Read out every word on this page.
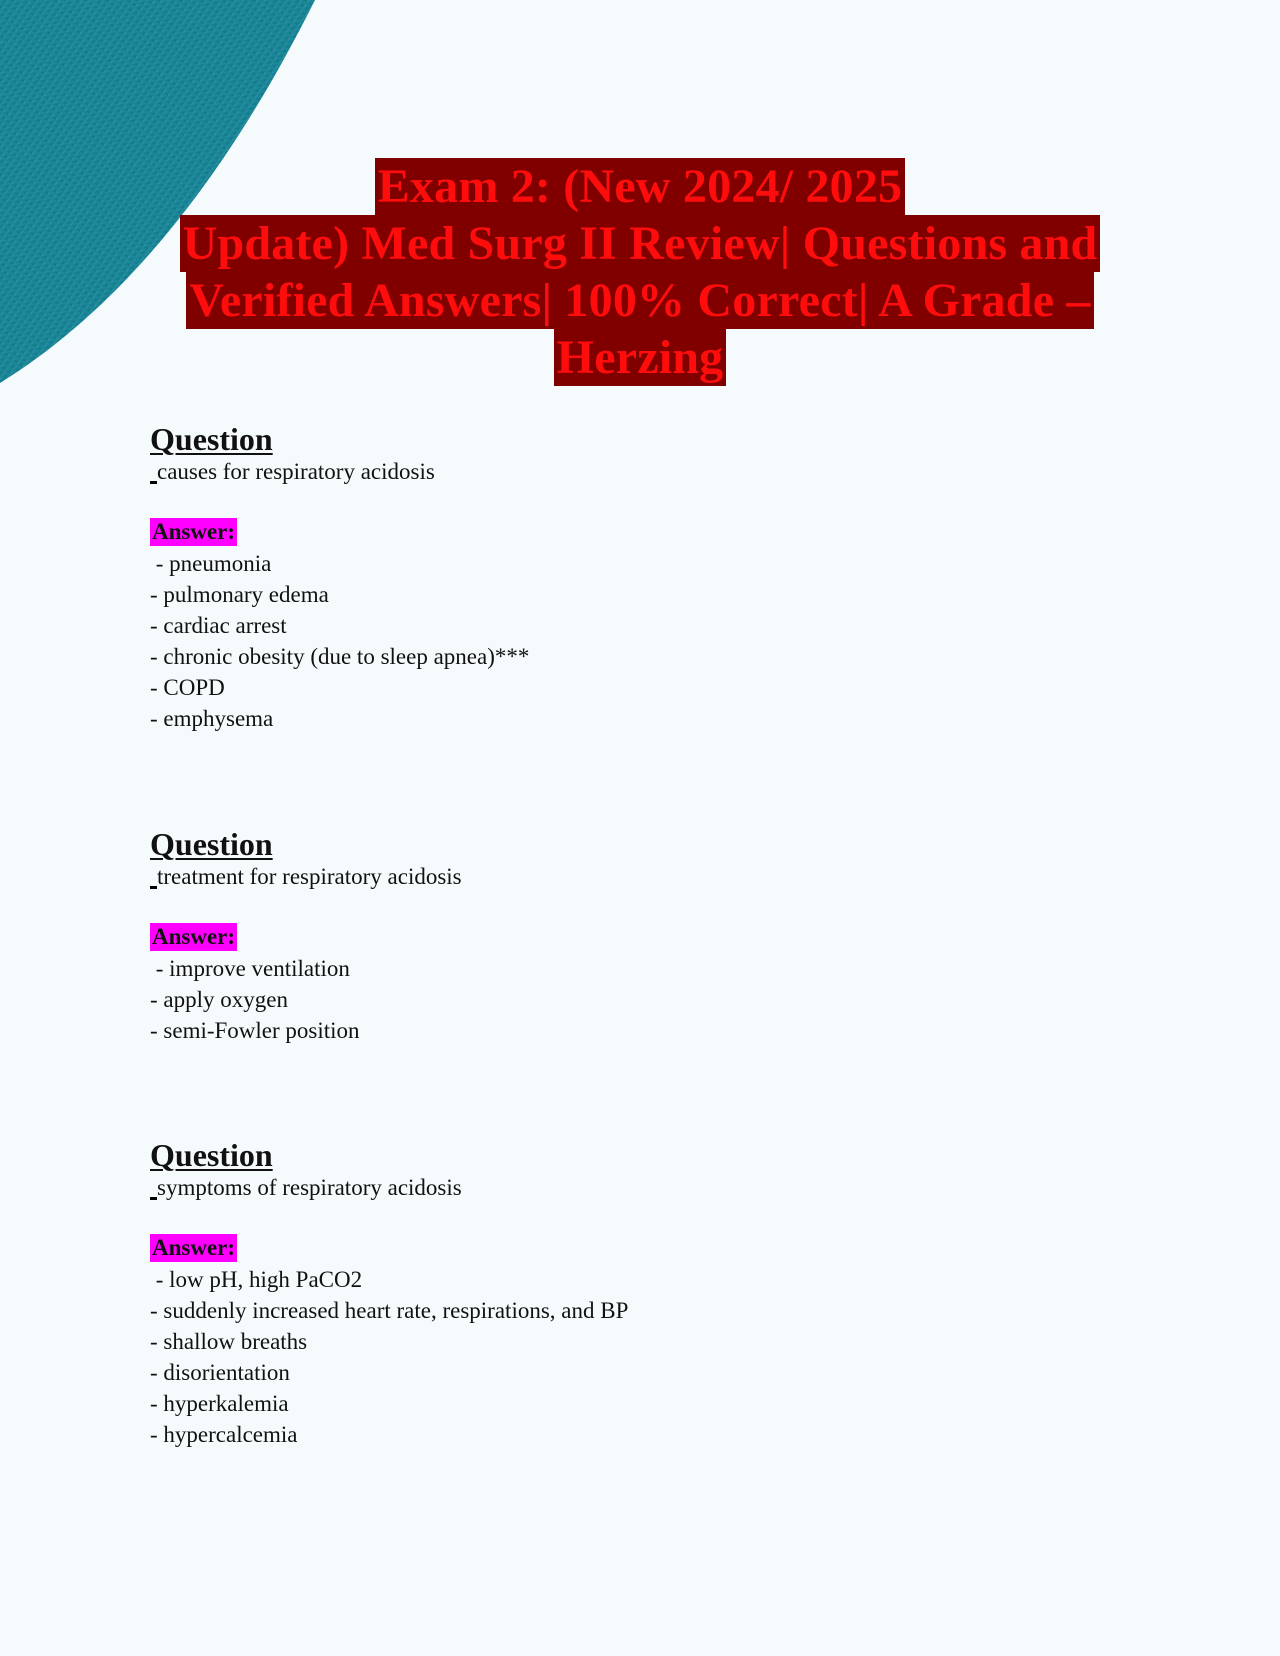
Exam 2: (New 2024/ 2025
Update) Med Surg II Review| Questions and
Verified Answers| 100% Correct| A Grade –
Herzing

Question

causes for respiratory acidosis

Answer:
- pneumonia
- pulmonary edema
- cardiac arrest
- chronic obesity (due to sleep apnea)***
- COPD
- emphysema

Question

treatment for respiratory acidosis

Answer:
- improve ventilation
- apply oxygen
- semi-Fowler position

Question

symptoms of respiratory acidosis

Answer:
- low pH, high PaCO2
- suddenly increased heart rate, respirations, and BP
- shallow breaths
- disorientation
- hyperkalemia
- hypercalcemia
